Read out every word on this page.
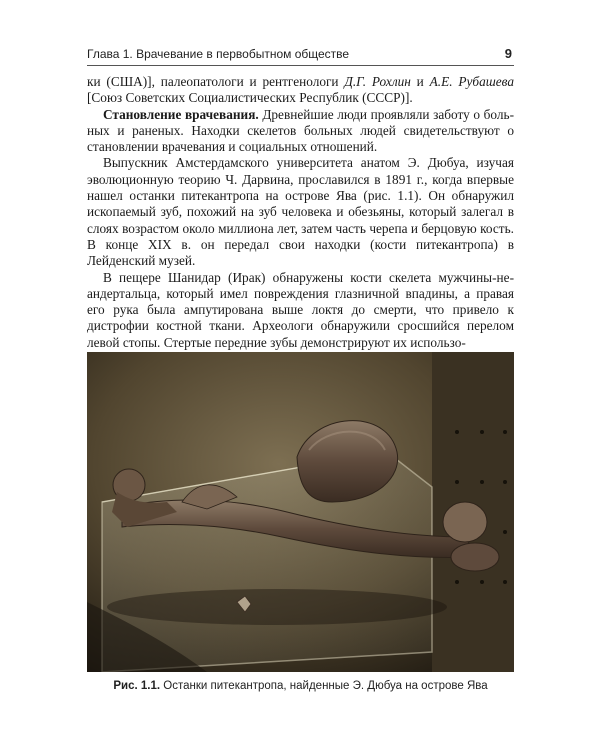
Глава 1. Врачевание в первобытном обществе	9

ки (США)], палеопатологи и рентгенологи Д.Г. Рохлин и А.Е. Рубашева [Союз Советских Социалистических Республик (СССР)].

Становление врачевания. Древнейшие люди проявляли заботу о больных и раненых. Находки скелетов больных людей свидетельствуют о становлении врачевания и социальных отношений.

Выпускник Амстердамского университета анатом Э. Дюбуа, изучая эволюционную теорию Ч. Дарвина, прославился в 1891 г., когда впервые нашел останки питекантропа на острове Ява (рис. 1.1). Он обнаружил ископаемый зуб, похожий на зуб человека и обезьяны, который залегал в слоях возрастом около миллиона лет, затем часть черепа и берцовую кость. В конце XIX в. он передал свои находки (кости питекантропа) в Лейденский музей.

В пещере Шанидар (Ирак) обнаружены кости скелета мужчины-неандертальца, который имел повреждения глазничной впадины, а правая его рука была ампутирована выше локтя до смерти, что привело к дистрофии костной ткани. Археологи обнаружили сросшийся перелом левой стопы. Стертые передние зубы демонстрируют их использо-

Рис. 1.1. Останки питекантропа, найденные Э. Дюбуа на острове Ява
